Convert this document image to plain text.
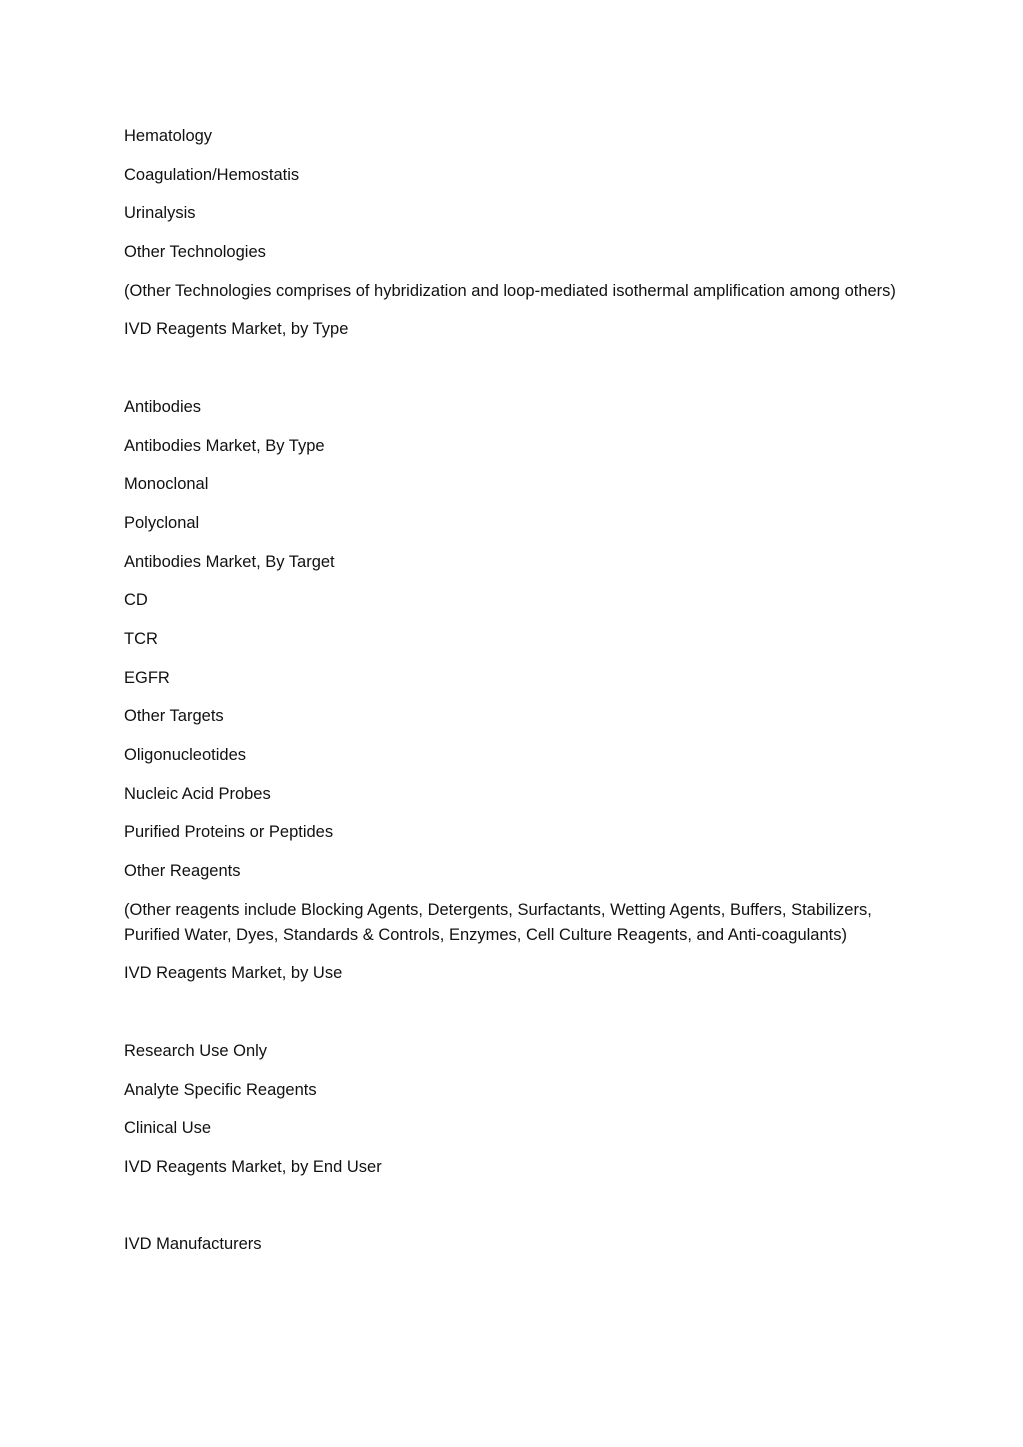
Hematology

Coagulation/Hemostatis

Urinalysis

Other Technologies

(Other Technologies comprises of hybridization and loop-mediated isothermal amplification among others)

IVD Reagents Market, by Type

Antibodies

Antibodies Market, By Type

Monoclonal

Polyclonal

Antibodies Market, By Target

CD

TCR

EGFR

Other Targets

Oligonucleotides

Nucleic Acid Probes

Purified Proteins or Peptides

Other Reagents

(Other reagents include Blocking Agents, Detergents, Surfactants, Wetting Agents, Buffers, Stabilizers, Purified Water, Dyes, Standards & Controls, Enzymes, Cell Culture Reagents, and Anti-coagulants)

IVD Reagents Market, by Use

Research Use Only

Analyte Specific Reagents

Clinical Use

IVD Reagents Market, by End User

IVD Manufacturers
